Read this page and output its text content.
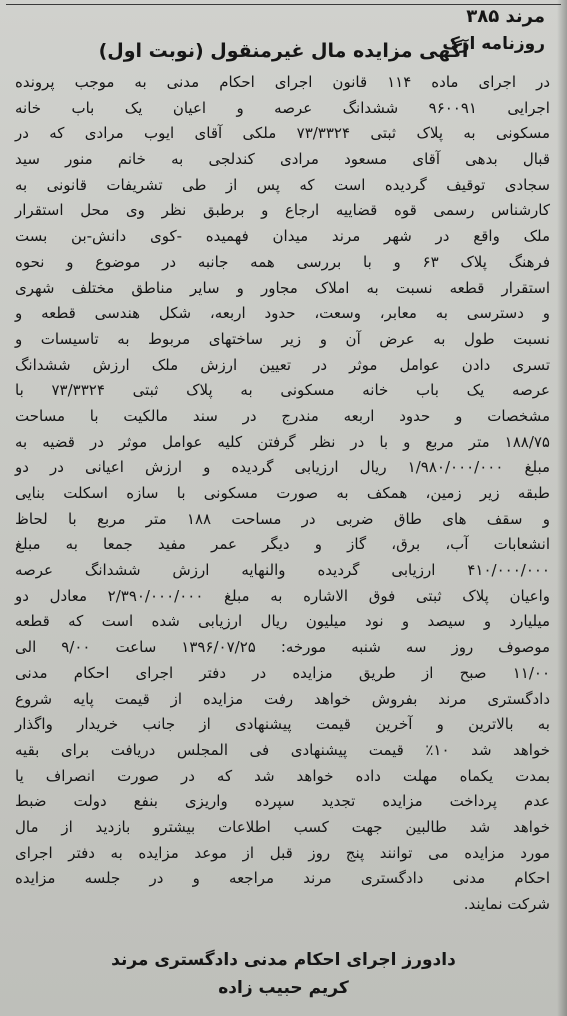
مرند ۳۸۵
روزنامه ارک
آگهی مزایده مال غیرمنقول (نوبت اول)
در اجرای ماده ۱۱۴ قانون اجرای احکام مدنی به موجب پرونده
اجرایی ۹۶۰۰۹۱ ششدانگ عرصه و اعیان یک باب خانه
مسکونی به پلاک ثبتی ۷۳/۳۳۲۴ ملکی آقای ایوب مرادی که در
قبال بدهی آقای مسعود مرادی کندلجی به خانم منور سید
سجادی توقیف گردیده است که پس از طی تشریفات قانونی به
کارشناس رسمی قوه قضاییه ارجاع و برطبق نظر وی محل استقرار
ملک واقع در شهر مرند میدان فهمیده -کوی دانش-بن بست
فرهنگ پلاک ۶۳ و با بررسی همه جانبه در موضوع و نحوه
استقرار قطعه نسبت به املاک مجاور و سایر مناطق مختلف شهری
و دسترسی به معابر، وسعت، حدود اربعه، شکل هندسی قطعه و
نسبت طول به عرض آن و زیر ساختهای مربوط به تاسیسات و
تسری دادن عوامل موثر در تعیین ارزش ملک ارزش ششدانگ
عرصه یک باب خانه مسکونی به پلاک ثبتی ۷۳/۳۳۲۴ با
مشخصات و حدود اربعه مندرج در سند مالکیت با مساحت
۱۸۸/۷۵ متر مربع و با در نظر گرفتن کلیه عوامل موثر در قضیه به
مبلغ ۱/۹۸۰/۰۰۰/۰۰۰ ریال ارزیابی گردیده و ارزش اعیانی در دو
طبقه زیر زمین، همکف به صورت مسکونی با سازه اسکلت بنایی
و سقف های طاق ضربی در مساحت ۱۸۸ متر مربع با لحاظ
انشعابات آب، برق، گاز و دیگر عمر مفید جمعا به مبلغ
۴۱۰/۰۰۰/۰۰۰ ارزیابی گردیده والنهایه ارزش ششدانگ عرصه
واعیان پلاک ثبتی فوق الاشاره به مبلغ ۲/۳۹۰/۰۰۰/۰۰۰ معادل دو
میلیارد و سیصد و نود میلیون ریال ارزیابی شده است که قطعه
موصوف روز سه شنبه مورخه: ۱۳۹۶/۰۷/۲۵ ساعت ۹/۰۰ الی
۱۱/۰۰ صبح از طریق مزایده در دفتر اجرای احکام مدنی
دادگستری مرند بفروش خواهد رفت مزایده از قیمت پایه شروع
به بالاترین و آخرین قیمت پیشنهادی از جانب خریدار واگذار
خواهد شد ۱۰٪ قیمت پیشنهادی فی المجلس دریافت برای بقیه
بمدت یکماه مهلت داده خواهد شد که در صورت انصراف یا
عدم پرداخت مزایده تجدید سپرده واریزی بنفع دولت ضبط
خواهد شد طالبین جهت کسب اطلاعات بیشترو بازدید از مال
مورد مزایده می توانند پنج روز قبل از موعد مزایده به دفتر اجرای
احکام مدنی دادگستری مرند مراجعه و در جلسه مزایده
شرکت نمایند.
دادورز اجرای احکام مدنی دادگستری مرند
کریم حبیب زاده
